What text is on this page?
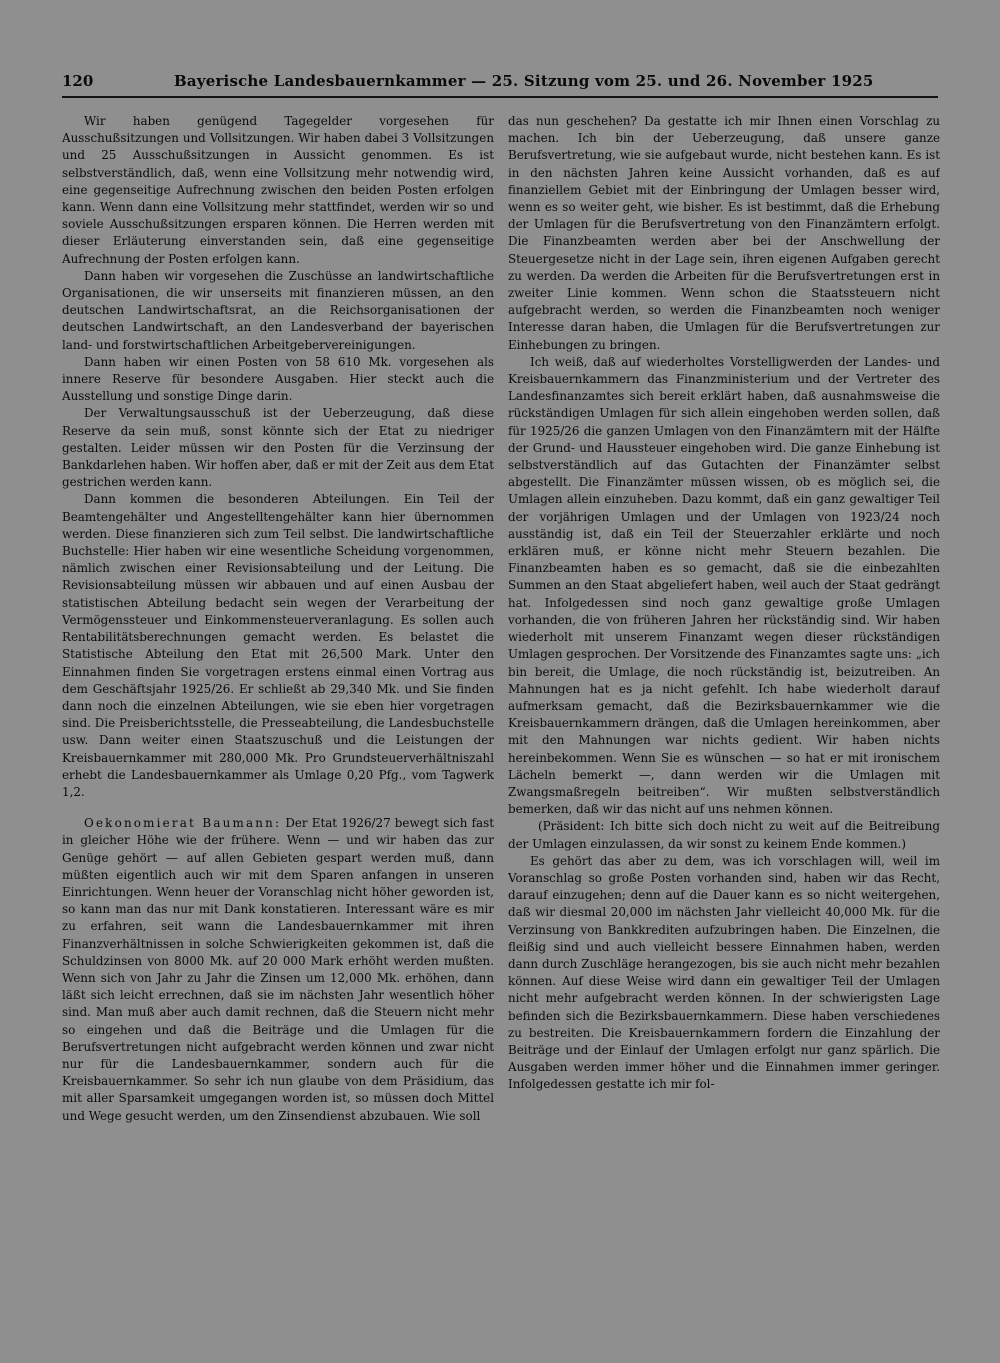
120	Bayerische Landesbauernkammer — 25. Sitzung vom 25. und 26. November 1925

Wir haben genügend Tagegelder vorgesehen für Ausschußsitzungen und Vollsitzungen. Wir haben dabei 3 Vollsitzungen und 25 Ausschußsitzungen in Aussicht genommen. Es ist selbstverständlich, daß, wenn eine Vollsitzung mehr notwendig wird, eine gegenseitige Aufrechnung zwischen den beiden Posten erfolgen kann. Wenn dann eine Vollsitzung mehr stattfindet, werden wir so und soviele Ausschußsitzungen ersparen können. Die Herren werden mit dieser Erläuterung einverstanden sein, daß eine gegenseitige Aufrechnung der Posten erfolgen kann.

Dann haben wir vorgesehen die Zuschüsse an landwirtschaftliche Organisationen, die wir unserseits mit finanzieren müssen, an den deutschen Landwirtschaftsrat, an die Reichsorganisationen der deutschen Landwirtschaft, an den Landesverband der bayerischen land- und forstwirtschaftlichen Arbeitgebervereinigungen.

Dann haben wir einen Posten von 58 610 Mk. vorgesehen als innere Reserve für besondere Ausgaben. Hier steckt auch die Ausstellung und sonstige Dinge darin.

Der Verwaltungsausschuß ist der Ueberzeugung, daß diese Reserve da sein muß, sonst könnte sich der Etat zu niedriger gestalten. Leider müssen wir den Posten für die Verzinsung der Bankdarlehen haben. Wir hoffen aber, daß er mit der Zeit aus dem Etat gestrichen werden kann.

Dann kommen die besonderen Abteilungen. Ein Teil der Beamtengehälter und Angestelltengehälter kann hier übernommen werden. Diese finanzieren sich zum Teil selbst. Die landwirtschaftliche Buchstelle: Hier haben wir eine wesentliche Scheidung vorgenommen, nämlich zwischen einer Revisionsabteilung und der Leitung. Die Revisionsabteilung müssen wir abbauen und auf einen Ausbau der statistischen Abteilung bedacht sein wegen der Verarbeitung der Vermögenssteuer und Einkommensteuerveranlagung. Es sollen auch Rentabilitätsberechnungen gemacht werden. Es belastet die Statistische Abteilung den Etat mit 26,500 Mark. Unter den Einnahmen finden Sie vorgetragen erstens einmal einen Vortrag aus dem Geschäftsjahr 1925/26. Er schließt ab 29,340 Mk. und Sie finden dann noch die einzelnen Abteilungen, wie sie eben hier vorgetragen sind. Die Preisberichtsstelle, die Presseabteilung, die Landesbuchstelle usw. Dann weiter einen Staatszuschuß und die Leistungen der Kreisbauernkammer mit 280,000 Mk. Pro Grundsteuerverhältniszahl erhebt die Landesbauernkammer als Umlage 0,20 Pfg., vom Tagwerk 1,2.

Oekonomierat Baumann: Der Etat 1926/27 bewegt sich fast in gleicher Höhe wie der frühere. Wenn — und wir haben das zur Genüge gehört — auf allen Gebieten gespart werden muß, dann müßten eigentlich auch wir mit dem Sparen anfangen in unseren Einrichtungen. Wenn heuer der Voranschlag nicht höher geworden ist, so kann man das nur mit Dank konstatieren. Interessant wäre es mir zu erfahren, seit wann die Landesbauernkammer mit ihren Finanzverhältnissen in solche Schwierigkeiten gekommen ist, daß die Schuldzinsen von 8000 Mk. auf 20 000 Mark erhöht werden mußten. Wenn sich von Jahr zu Jahr die Zinsen um 12,000 Mk. erhöhen, dann läßt sich leicht errechnen, daß sie im nächsten Jahr wesentlich höher sind. Man muß aber auch damit rechnen, daß die Steuern nicht mehr so eingehen und daß die Beiträge und die Umlagen für die Berufsvertretungen nicht aufgebracht werden können und zwar nicht nur für die Landesbauernkammer, sondern auch für die Kreisbauernkammer. So sehr ich nun glaube von dem Präsidium, das mit aller Sparsamkeit umgegangen worden ist, so müssen doch Mittel und Wege gesucht werden, um den Zinsendienst abzubauen. Wie soll

das nun geschehen? Da gestatte ich mir Ihnen einen Vorschlag zu machen. Ich bin der Ueberzeugung, daß unsere ganze Berufsvertretung, wie sie aufgebaut wurde, nicht bestehen kann. Es ist in den nächsten Jahren keine Aussicht vorhanden, daß es auf finanziellem Gebiet mit der Einbringung der Umlagen besser wird, wenn es so weiter geht, wie bisher. Es ist bestimmt, daß die Erhebung der Umlagen für die Berufsvertretung von den Finanzämtern erfolgt. Die Finanzbeamten werden aber bei der Anschwellung der Steuergesetze nicht in der Lage sein, ihren eigenen Aufgaben gerecht zu werden. Da werden die Arbeiten für die Berufsvertretungen erst in zweiter Linie kommen. Wenn schon die Staatssteuern nicht aufgebracht werden, so werden die Finanzbeamten noch weniger Interesse daran haben, die Umlagen für die Berufsvertretungen zur Einhebungen zu bringen.

Ich weiß, daß auf wiederholtes Vorstelligwerden der Landes- und Kreisbauernkammern das Finanzministerium und der Vertreter des Landesfinanzamtes sich bereit erklärt haben, daß ausnahmsweise die rückständigen Umlagen für sich allein eingehoben werden sollen, daß für 1925/26 die ganzen Umlagen von den Finanzämtern mit der Hälfte der Grund- und Haussteuer eingehoben wird. Die ganze Einhebung ist selbstverständlich auf das Gutachten der Finanzämter selbst abgestellt. Die Finanzämter müssen wissen, ob es möglich sei, die Umlagen allein einzuheben. Dazu kommt, daß ein ganz gewaltiger Teil der vorjährigen Umlagen und der Umlagen von 1923/24 noch ausständig ist, daß ein Teil der Steuerzahler erklärte und noch erklären muß, er könne nicht mehr Steuern bezahlen. Die Finanzbeamten haben es so gemacht, daß sie die einbezahlten Summen an den Staat abgeliefert haben, weil auch der Staat gedrängt hat. Infolgedessen sind noch ganz gewaltige große Umlagen vorhanden, die von früheren Jahren her rückständig sind. Wir haben wiederholt mit unserem Finanzamt wegen dieser rückständigen Umlagen gesprochen. Der Vorsitzende des Finanzamtes sagte uns: „ich bin bereit, die Umlage, die noch rückständig ist, beizutreiben. An Mahnungen hat es ja nicht gefehlt. Ich habe wiederholt darauf aufmerksam gemacht, daß die Bezirksbauernkammer wie die Kreisbauernkammern drängen, daß die Umlagen hereinkommen, aber mit den Mahnungen war nichts gedient. Wir haben nichts hereinbekommen. Wenn Sie es wünschen — so hat er mit ironischem Lächeln bemerkt —, dann werden wir die Umlagen mit Zwangsmaßregeln beitreiben“. Wir mußten selbstverständlich bemerken, daß wir das nicht auf uns nehmen können.

(Präsident: Ich bitte sich doch nicht zu weit auf die Beitreibung der Umlagen einzulassen, da wir sonst zu keinem Ende kommen.)

Es gehört das aber zu dem, was ich vorschlagen will, weil im Voranschlag so große Posten vorhanden sind, haben wir das Recht, darauf einzugehen; denn auf die Dauer kann es so nicht weitergehen, daß wir diesmal 20,000 im nächsten Jahr vielleicht 40,000 Mk. für die Verzinsung von Bankkrediten aufzubringen haben. Die Einzelnen, die fleißig sind und auch vielleicht bessere Einnahmen haben, werden dann durch Zuschläge herangezogen, bis sie auch nicht mehr bezahlen können. Auf diese Weise wird dann ein gewaltiger Teil der Umlagen nicht mehr aufgebracht werden können. In der schwierigsten Lage befinden sich die Bezirksbauernkammern. Diese haben verschiedenes zu bestreiten. Die Kreisbauernkammern fordern die Einzahlung der Beiträge und der Einlauf der Umlagen erfolgt nur ganz spärlich. Die Ausgaben werden immer höher und die Einnahmen immer geringer. Infolgedessen gestatte ich mir fol-
